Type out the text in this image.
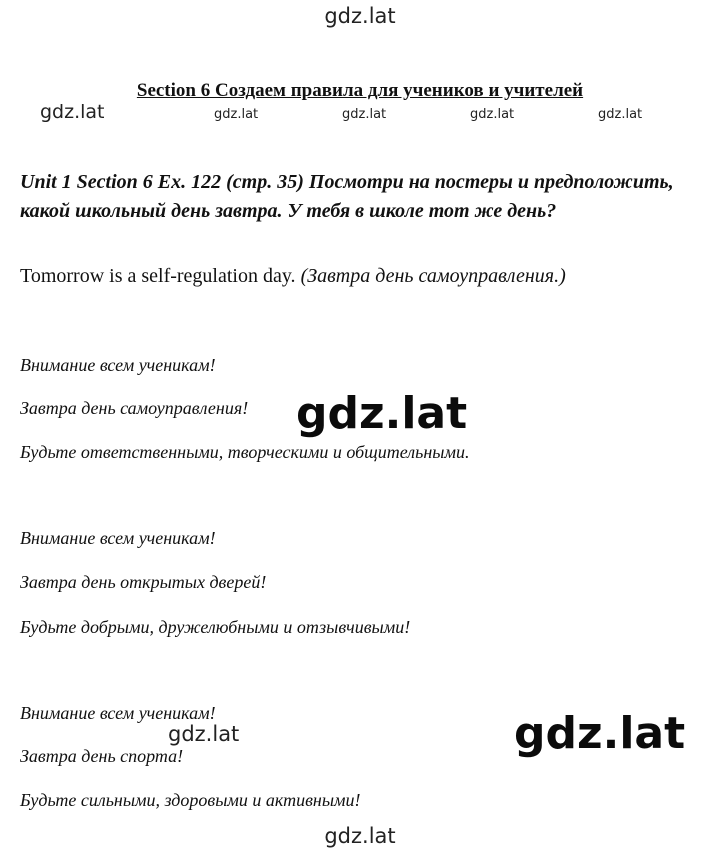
gdz.lat
gdz.lat	gdz.lat	gdz.lat	gdz.lat	gdz.lat
Section 6 Создаем правила для учеников и учителей
Unit 1 Section 6 Ex. 122 (стр. 35) Посмотри на постеры и предположить, какой школьный день завтра. У тебя в школе тот же день?
Tomorrow is a self-regulation day. (Завтра день самоуправления.)
Внимание всем ученикам!
Завтра день самоуправления!
Будьте ответственными, творческими и общительными.
Внимание всем ученикам!
Завтра день открытых дверей!
Будьте добрыми, дружелюбными и отзывчивыми!
Внимание всем ученикам!
Завтра день спорта!
Будьте сильными, здоровыми и активными!
gdz.lat
gdz.lat	gdz.lat
gdz.lat
